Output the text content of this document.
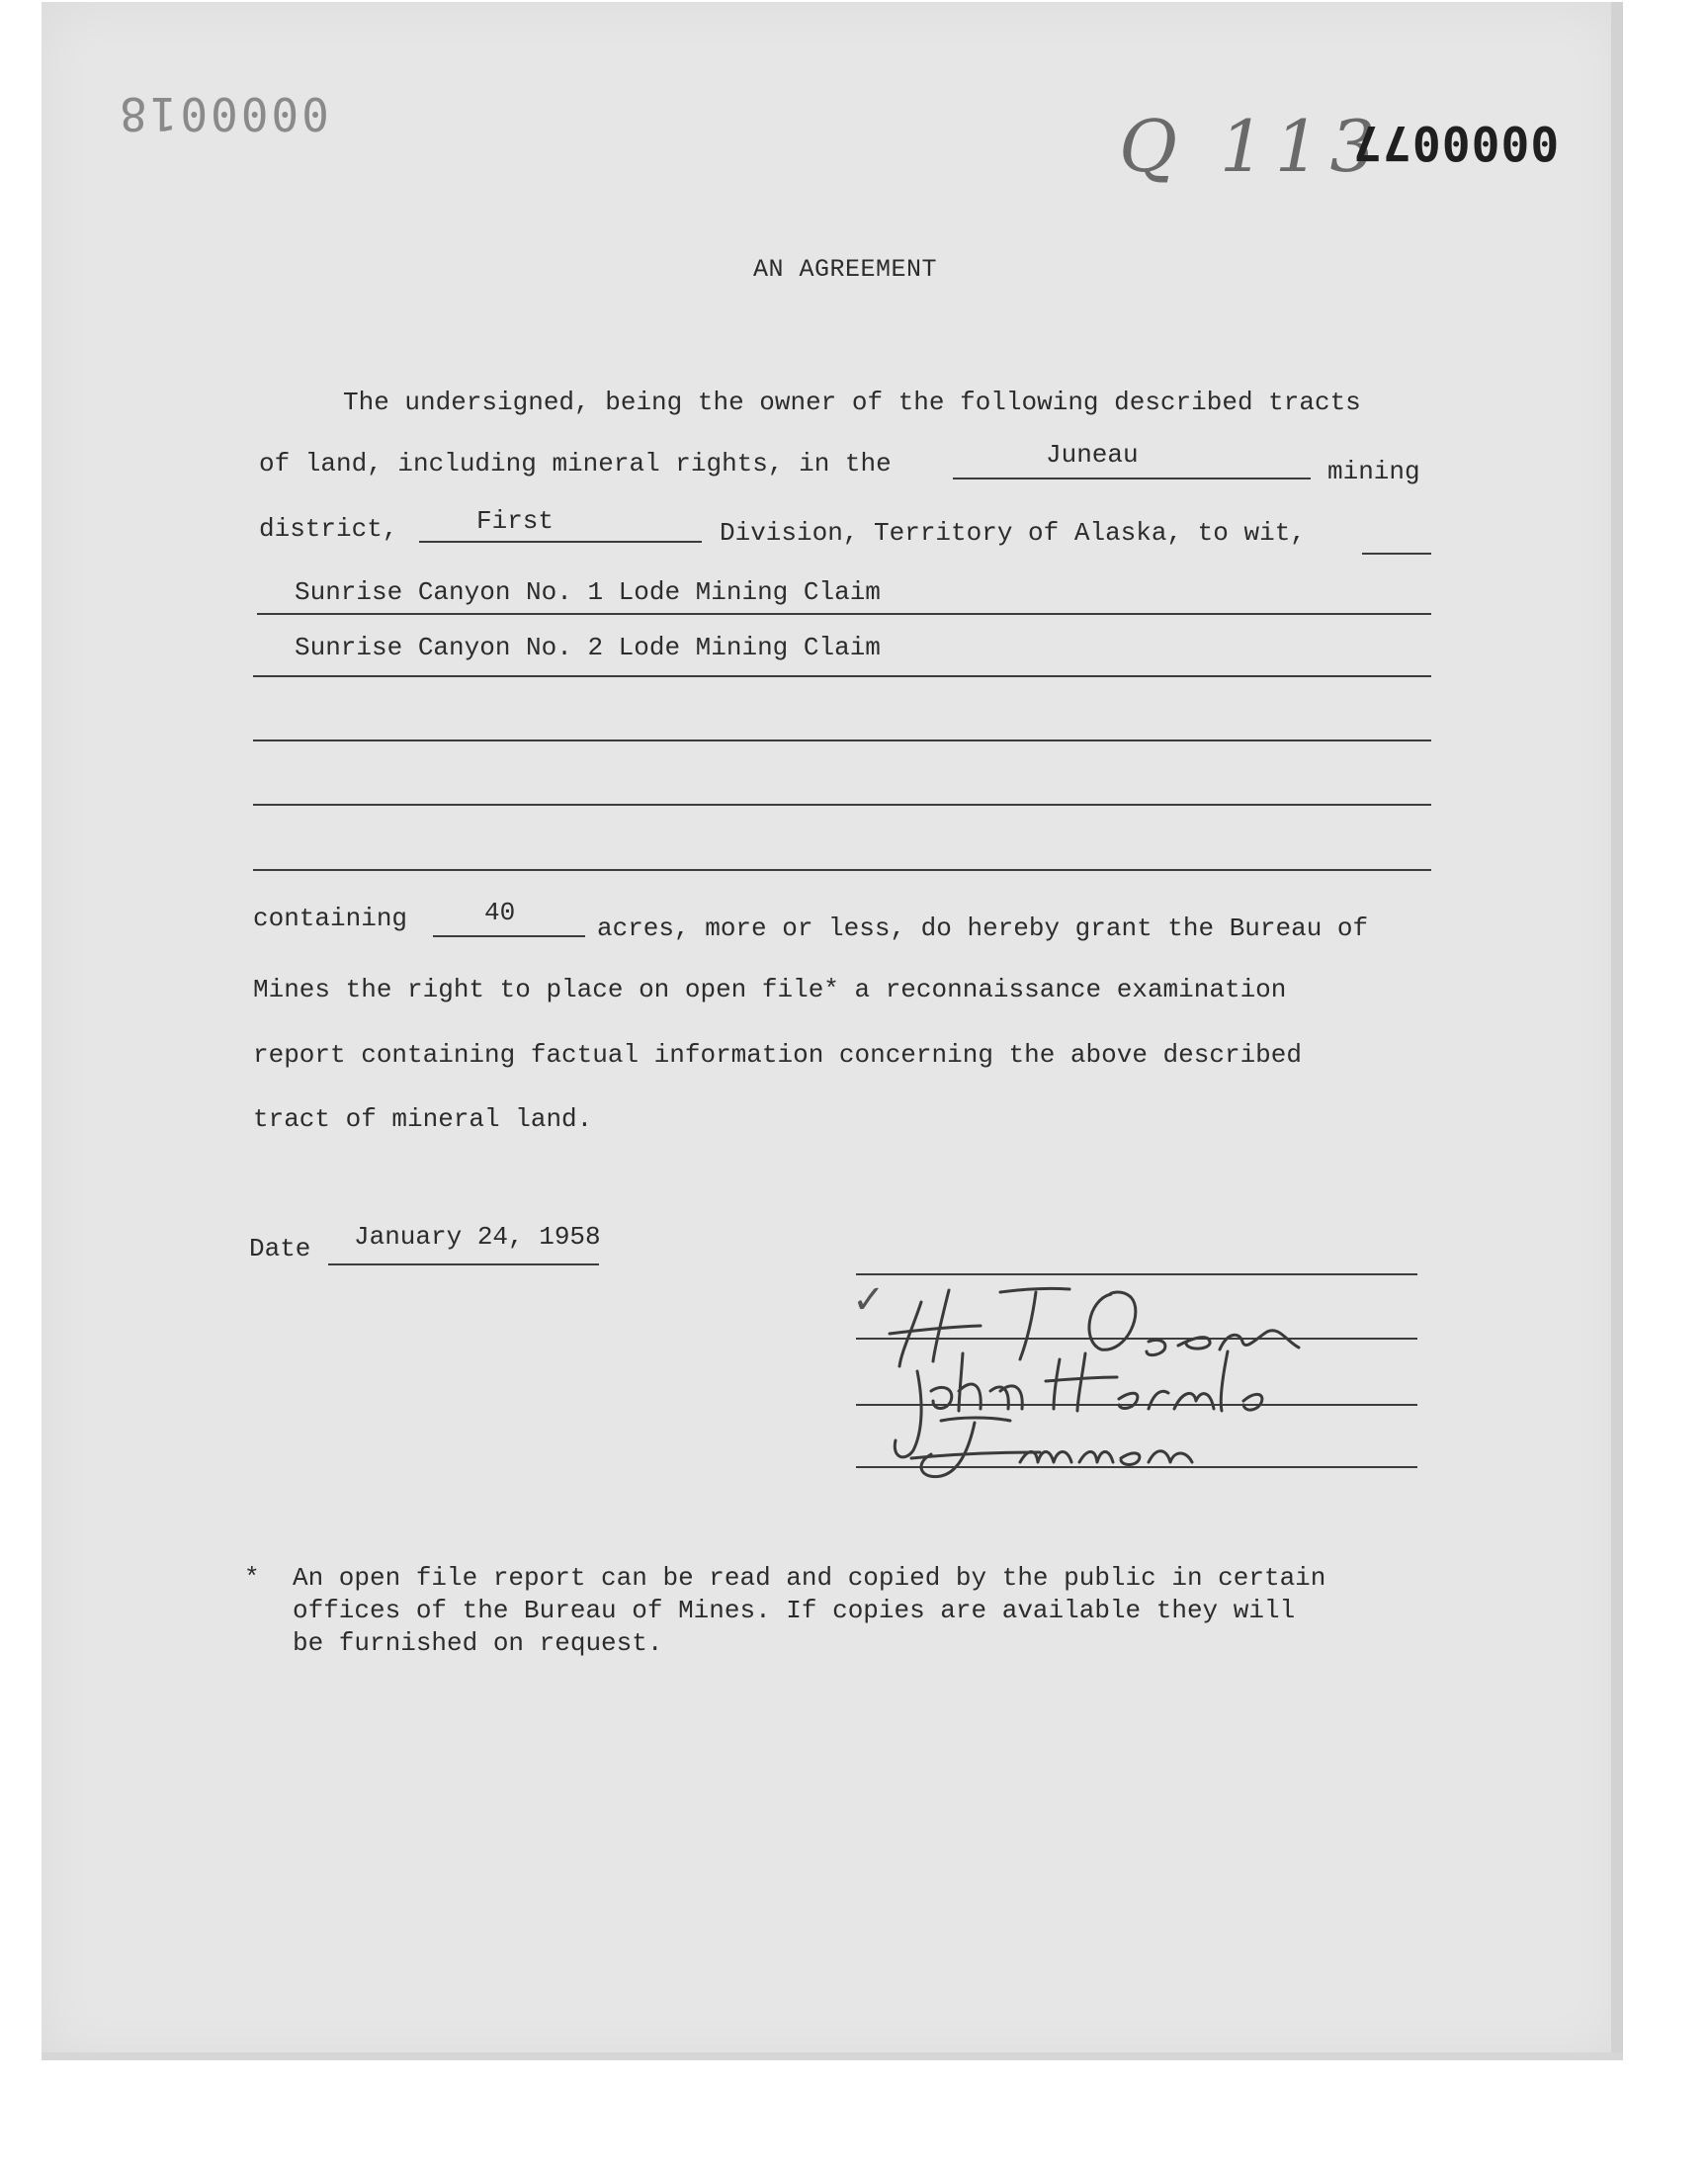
0000018	Q 113
0000077
AN AGREEMENT
The undersigned, being the owner of the following described tracts
of land, including mineral rights, in the	Juneau
mining
district,	First	Division, Territory of Alaska, to wit,
Sunrise Canyon No. 1 Lode Mining Claim
Sunrise Canyon No. 2 Lode Mining Claim
containing	40
acres, more or less, do hereby grant the Bureau of
Mines the right to place on open file* a reconnaissance examination
report containing factual information concerning the above described
tract of mineral land.
Date January 24, 1958
✓
* An open file report can be read and copied by the public in certain
offices of the Bureau of Mines. If copies are available they will
be furnished on request.
